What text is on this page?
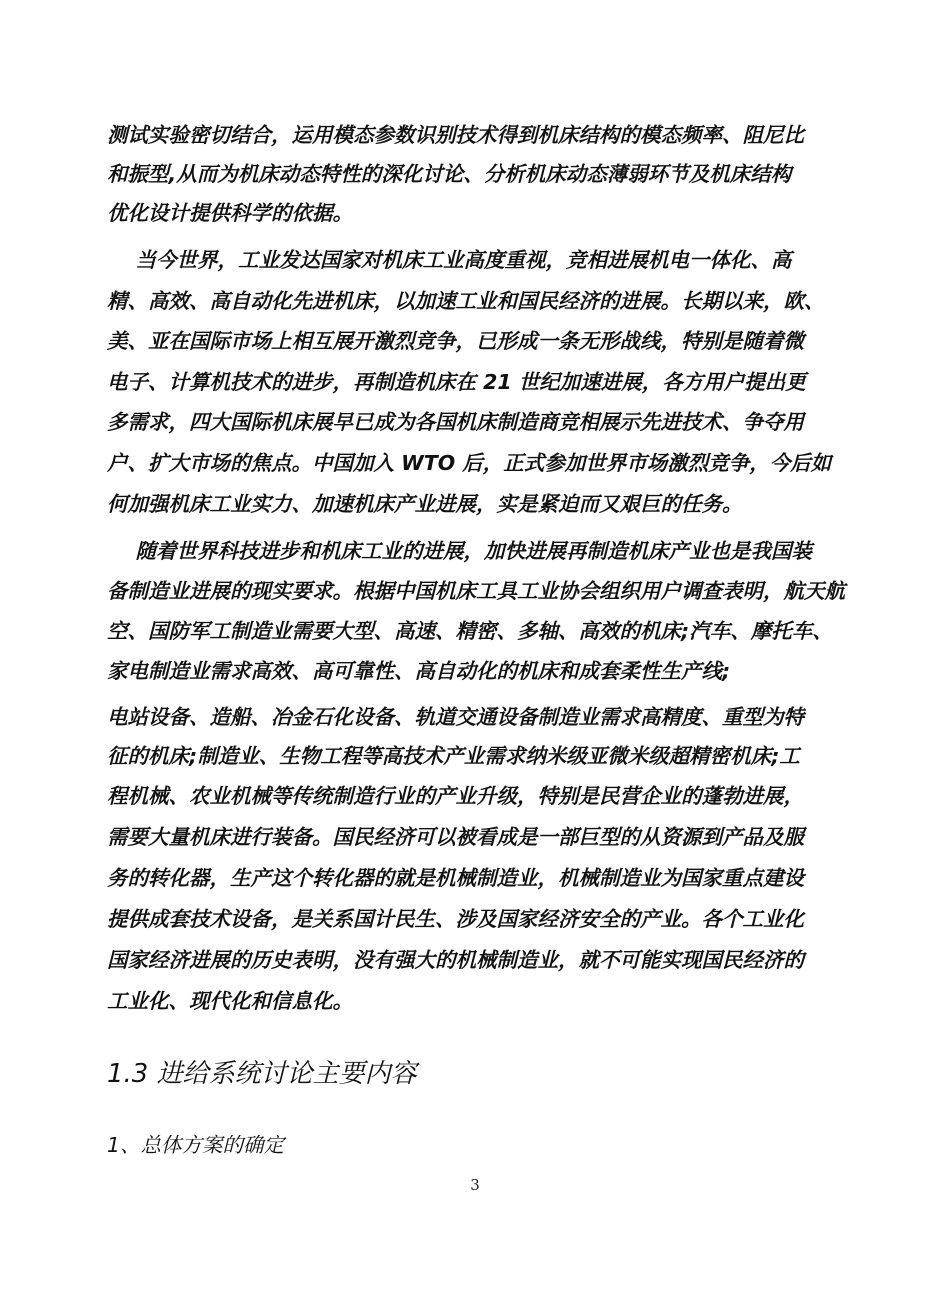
测试实验密切结合，运用模态参数识别技术得到机床结构的模态频率、阻尼比
和振型,从而为机床动态特性的深化讨论、分析机床动态薄弱环节及机床结构
优化设计提供科学的依据。
当今世界，工业发达国家对机床工业高度重视，竞相进展机电一体化、高
精、高效、高自动化先进机床，以加速工业和国民经济的进展。长期以来，欧、
美、亚在国际市场上相互展开激烈竞争，已形成一条无形战线，特别是随着微
电子、计算机技术的进步，再制造机床在 21 世纪加速进展，各方用户提出更
多需求，四大国际机床展早已成为各国机床制造商竞相展示先进技术、争夺用
户、扩大市场的焦点。中国加入 WTO 后，正式参加世界市场激烈竞争，今后如
何加强机床工业实力、加速机床产业进展，实是紧迫而又艰巨的任务。
随着世界科技进步和机床工业的进展，加快进展再制造机床产业也是我国装
备制造业进展的现实要求。根据中国机床工具工业协会组织用户调查表明，航天航
空、国防军工制造业需要大型、高速、精密、多轴、高效的机床;汽车、摩托车、
家电制造业需求高效、高可靠性、高自动化的机床和成套柔性生产线;
电站设备、造船、冶金石化设备、轨道交通设备制造业需求高精度、重型为特
征的机床;制造业、生物工程等高技术产业需求纳米级亚微米级超精密机床;工
程机械、农业机械等传统制造行业的产业升级，特别是民营企业的蓬勃进展，
需要大量机床进行装备。国民经济可以被看成是一部巨型的从资源到产品及服
务的转化器，生产这个转化器的就是机械制造业，机械制造业为国家重点建设
提供成套技术设备，是关系国计民生、涉及国家经济安全的产业。各个工业化
国家经济进展的历史表明，没有强大的机械制造业，就不可能实现国民经济的
工业化、现代化和信息化。
1.3 进给系统讨论主要内容
1、总体方案的确定
3
